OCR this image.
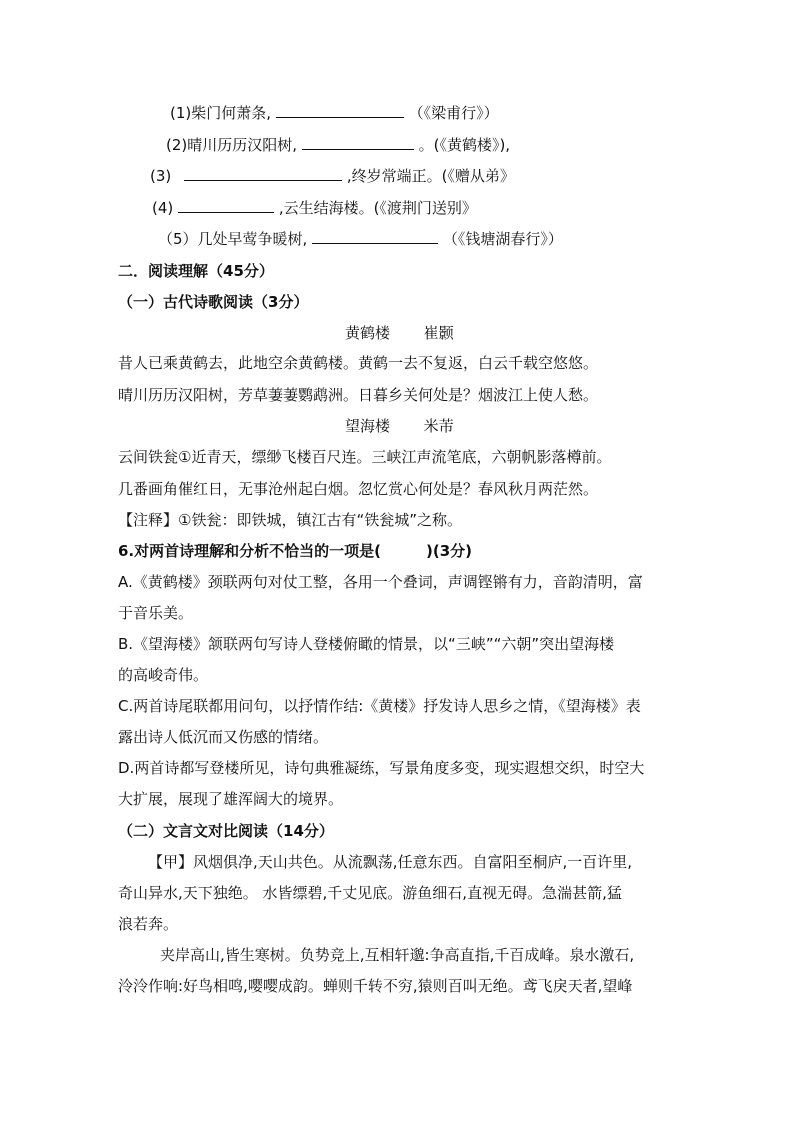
(1)柴门何萧条,	（《梁甫行》）
(2)晴川历历汉阳树,	。(《黄鹤楼》),
(3)	,终岁常端正。(《赠从弟》
(4)	,云生结海楼。(《渡荆门送别》
（5）几处早莺争暖树,	（《钱塘湖春行》）
二．阅读理解（45分）
（一）古代诗歌阅读（3分）
黄鹤楼 崔颢
昔人已乘黄鹤去，此地空余黄鹤楼。黄鹤一去不复返，白云千载空悠悠。
晴川历历汉阳树，芳草萋萋鹦鹉洲。日暮乡关何处是？烟波江上使人愁。
望海楼 米芾
云间铁瓮①近青天，缥缈飞楼百尺连。三峡江声流笔底，六朝帆影落樽前。
几番画角催红日，无事沧州起白烟。忽忆赏心何处是？春风秋月两茫然。
【注释】①铁瓮：即铁城，镇江古有“铁瓮城”之称。
6.对两首诗理解和分析不恰当的一项是(　　　)(3分)
A.《黄鹤楼》颈联两句对仗工整，各用一个叠词，声调铿锵有力，音韵清明，富
于音乐美。
B.《望海楼》颔联两句写诗人登楼俯瞰的情景，以“三峡”“六朝”突出望海楼
的高峻奇伟。
C.两首诗尾联都用问句，以抒情作结:《黄楼》抒发诗人思乡之情，《望海楼》表
露出诗人低沉而又伤感的情绪。
D.两首诗都写登楼所见，诗句典雅凝练，写景角度多变，现实遐想交织，时空大
大扩展，展现了雄浑阔大的境界。
（二）文言文对比阅读（14分）
【甲】风烟俱净,天山共色。从流飘荡,任意东西。自富阳至桐庐,一百许里,
奇山异水,天下独绝。 水皆缥碧,千丈见底。游鱼细石,直视无碍。急湍甚箭,猛
浪若奔。
夹岸高山,皆生寒树。负势竞上,互相轩邈:争高直指,千百成峰。泉水激石,
泠泠作响:好鸟相鸣,嘤嘤成韵。蝉则千转不穷,猿则百叫无绝。鸢飞戾天者,望峰
